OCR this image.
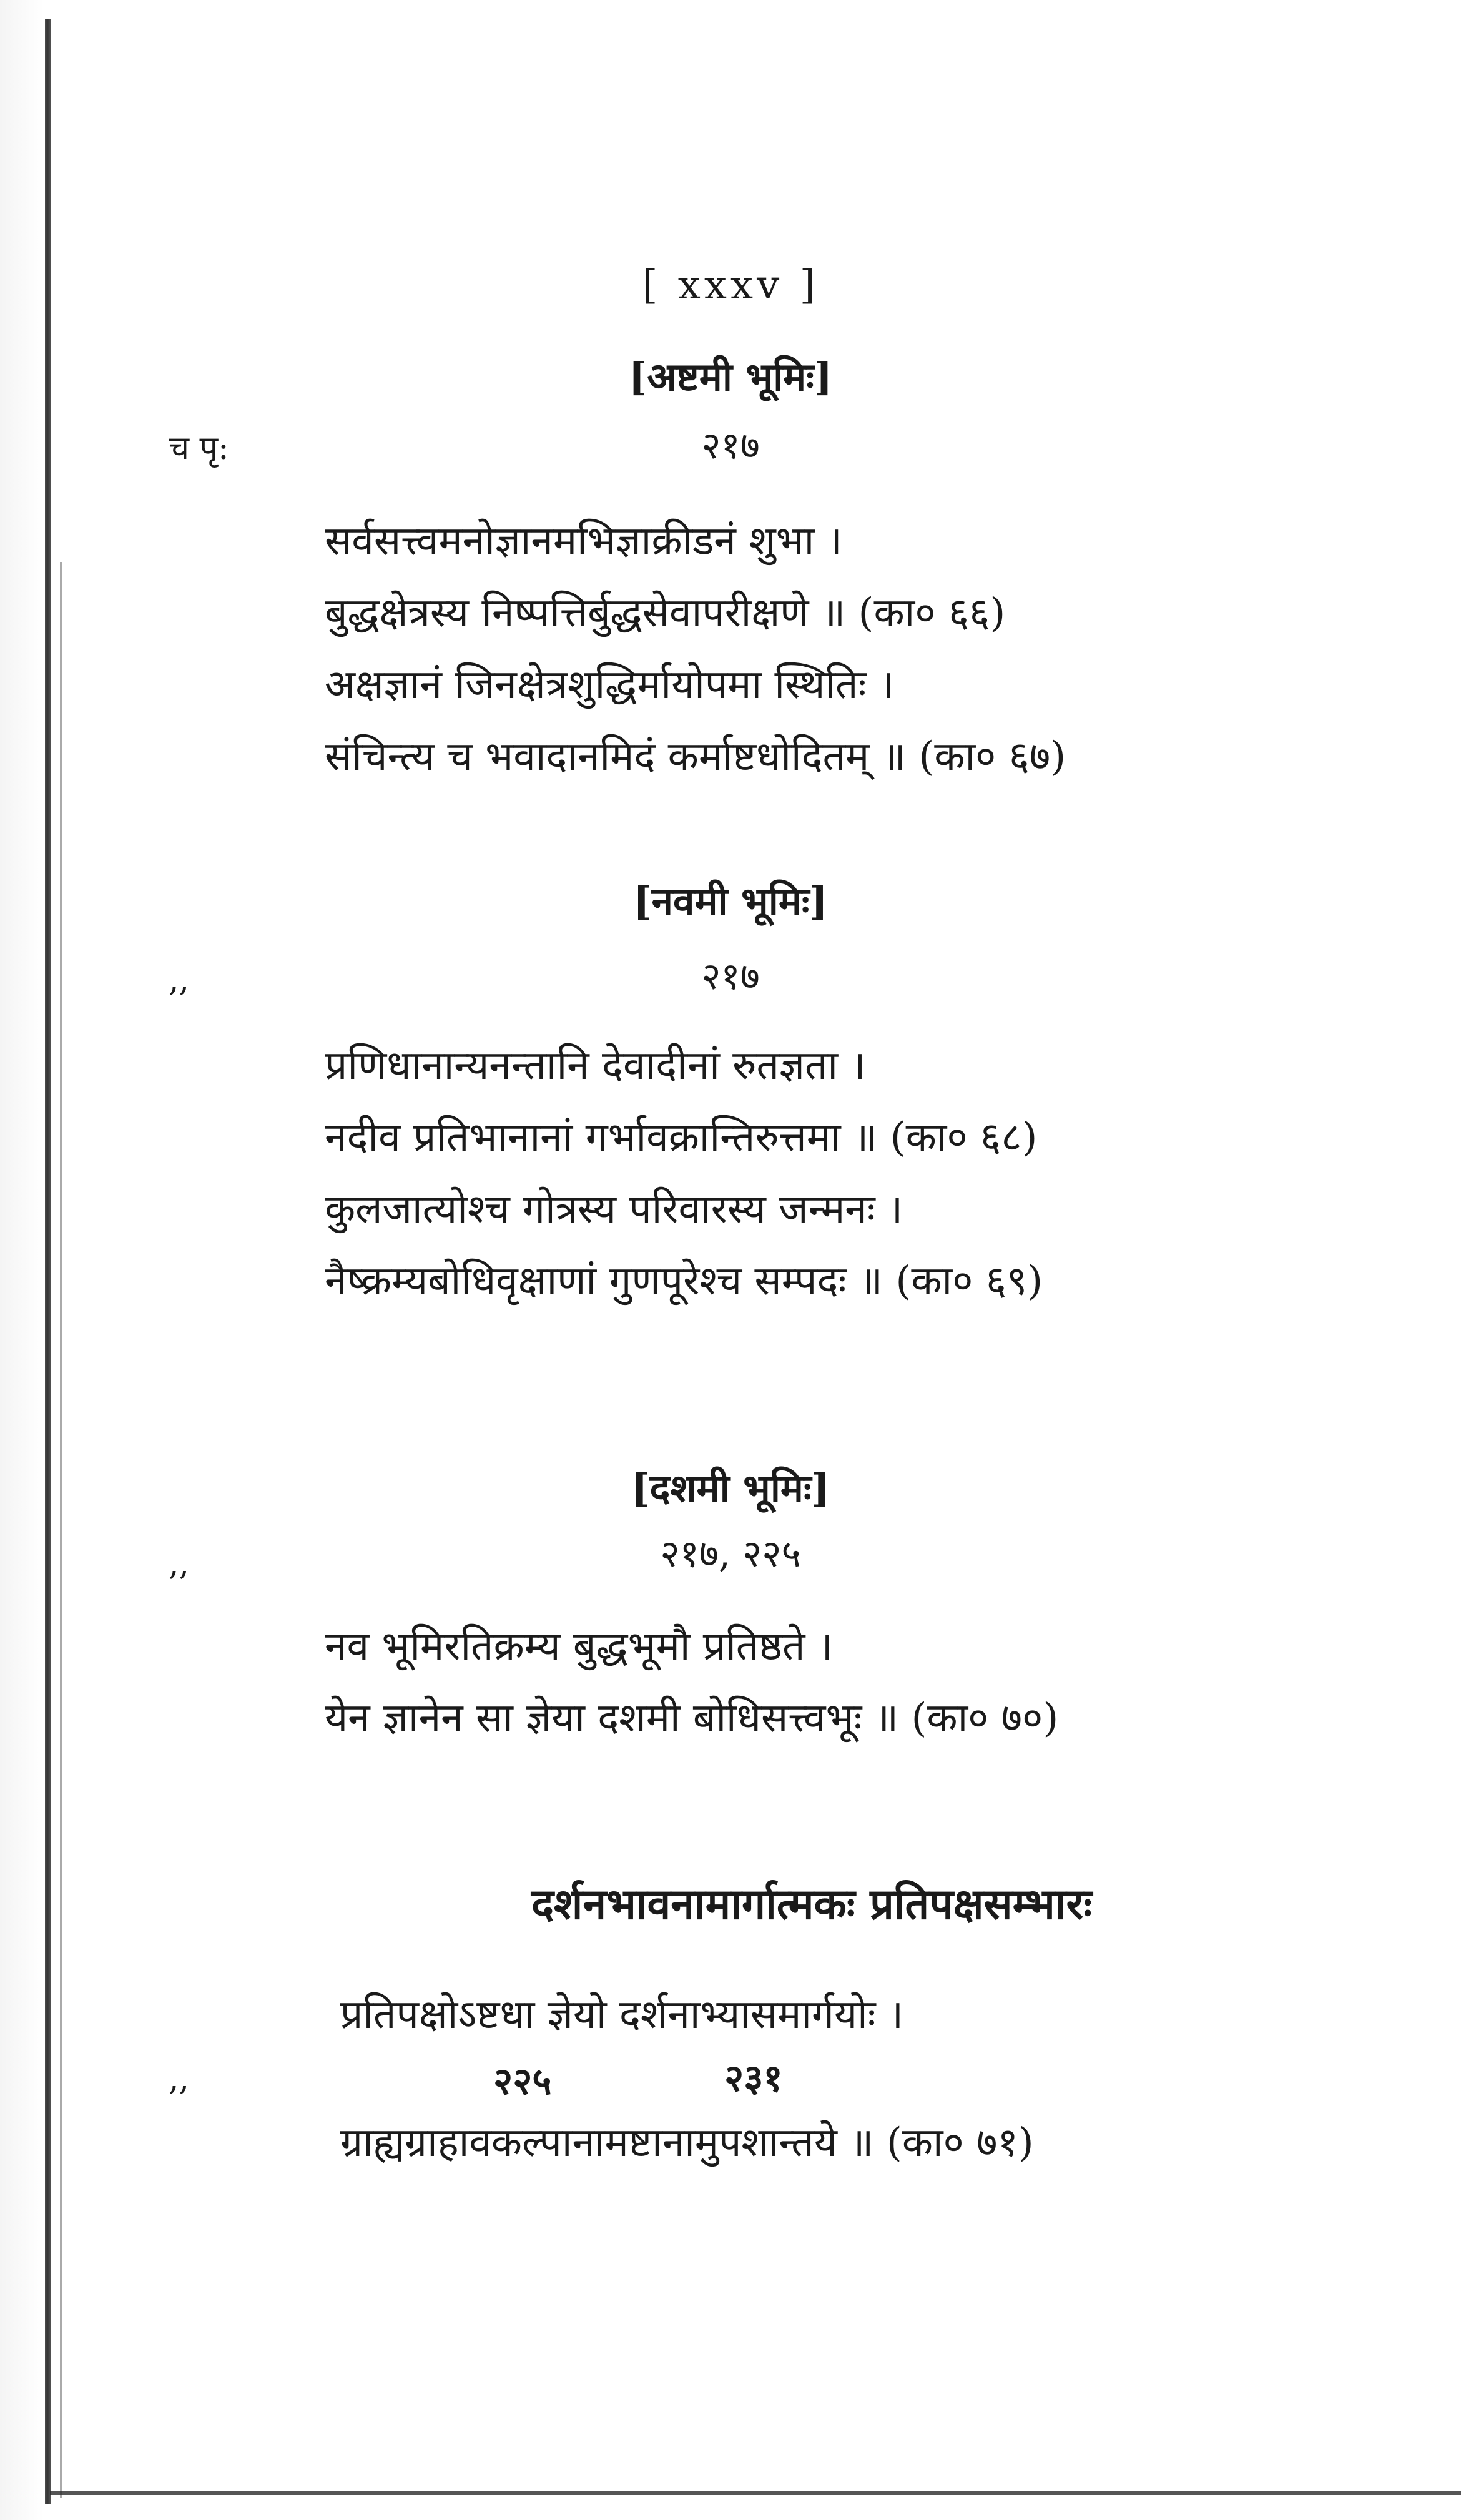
[ xxxv ]
[अष्टमी भूमिः]
च पृ:	२१७
सर्वसत्त्वमनोज्ञानमभिज्ञाक्रीडनं शुभा ।
बुद्धक्षेत्रस्य निष्पत्तिर्बुद्धसेवापरीक्षणे ॥ (का० ६६)
अक्षज्ञानं जिनक्षेत्रशुद्धिर्मायोपमा स्थितिः ।
संचिन्त्य च भवादानमिदं कर्माष्टधोदितम् ॥ (का० ६७)
[नवमी भूमिः]
,,	२१७
प्रणिधानान्यनन्तानि देवादीनां रुतज्ञता ।
नदीव प्रतिभानानां गर्भावक्रान्तिरुत्तमा ॥ (का० ६८)
कुलजात्योश्च गोत्रस्य परिवारस्य जन्मनः ।
नैष्क्रम्यबोधिवृक्षाणां गुणपूरेश्च सम्पदः ॥ (का० ६९)
[दशमी भूमिः]
,,	२१७, २२५
नव भूमिरतिक्रम्य बुद्धभूमौ प्रतिष्ठते ।
येन ज्ञानेन सा ज्ञेया दशमी बोधिसत्त्वभूः ॥ (का० ७०)
दर्शनभावनामार्गात्मकः प्रतिपक्षसम्भारः
प्रतिपक्षोऽष्टधा ज्ञेयो दर्शनाभ्यासमार्गयोः ।
,,	२२५	२३१
ग्राह्यग्राहावकल्पानामष्टानामुपशान्तये ॥ (का० ७१)
